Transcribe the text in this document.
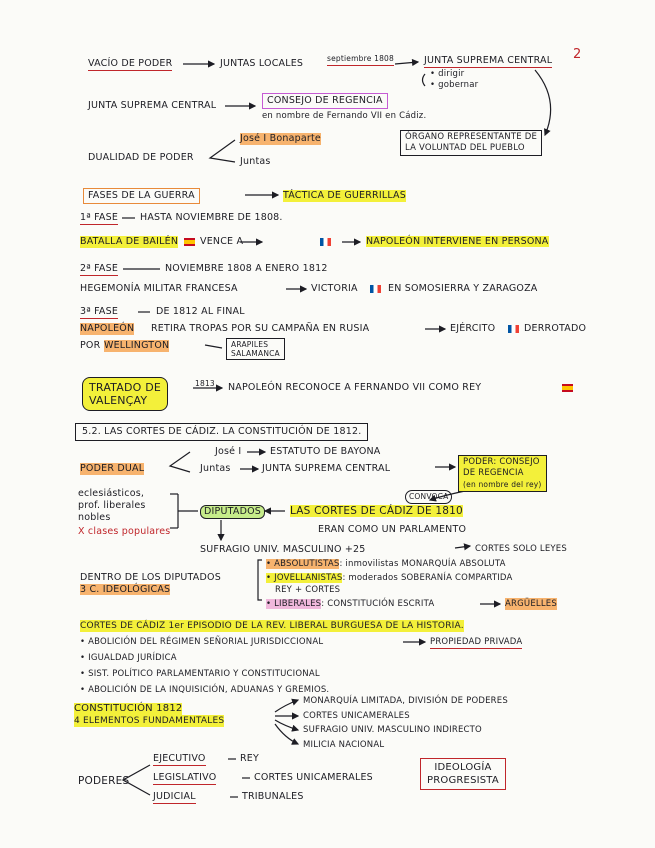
2
VACÍO DE PODER	JUNTAS LOCALES	septiembre 1808	JUNTA SUPREMA CENTRAL
• dirigir
• gobernar
JUNTA SUPREMA CENTRAL	CONSEJO DE REGENCIA
en nombre de Fernando VII en Cádiz.
ÓRGANO REPRESENTANTE DE
LA VOLUNTAD DEL PUEBLO
DUALIDAD DE PODER
José I Bonaparte
Juntas
FASES DE LA GUERRA	TÁCTICA DE GUERRILLAS
1ª FASE HASTA NOVIEMBRE DE 1808.
BATALLA DE BAILÉN VENCE A	NAPOLEÓN INTERVIENE EN PERSONA
2ª FASE	NOVIEMBRE 1808 A ENERO 1812
HEGEMONÍA MILITAR FRANCESA	VICTORIA	EN SOMOSIERRA Y ZARAGOZA
3ª FASE	DE 1812 AL FINAL
NAPOLEÓN RETIRA TROPAS POR SU CAMPAÑA EN RUSIA	EJÉRCITO	DERROTADO
POR WELLINGTON	ARAPILES
SALAMANCA
TRATADO DE
VALENÇAY
1813 NAPOLEÓN RECONOCE A FERNANDO VII COMO REY
5.2. LAS CORTES DE CÁDIZ. LA CONSTITUCIÓN DE 1812.
José I	ESTATUTO DE BAYONA
PODER DUAL	Juntas	JUNTA SUPREMA CENTRAL
PODER: CONSEJO
DE REGENCIA
(en nombre del rey)
CONVOCA
eclesiásticos,
prof. liberales
nobles
X clases populares
DIPUTADOS	LAS CORTES DE CÁDIZ DE 1810
ERAN COMO UN PARLAMENTO
SUFRAGIO UNIV. MASCULINO +25	CORTES SOLO LEYES
DENTRO DE LOS DIPUTADOS
3 C. IDEOLÓGICAS
• ABSOLUTISTAS: inmovilistas MONARQUÍA ABSOLUTA
• JOVELLANISTAS: moderados SOBERANÍA COMPARTIDA
REY + CORTES
• LIBERALES: CONSTITUCIÓN ESCRITA	ARGÜELLES
CORTES DE CÁDIZ 1er EPISODIO DE LA REV. LIBERAL BURGUESA DE LA HISTORIA.
• ABOLICIÓN DEL RÉGIMEN SEÑORIAL JURISDICCIONAL	PROPIEDAD PRIVADA
• IGUALDAD JURÍDICA
• SIST. POLÍTICO PARLAMENTARIO Y CONSTITUCIONAL
• ABOLICIÓN DE LA INQUISICIÓN, ADUANAS Y GREMIOS.
CONSTITUCIÓN 1812
4 ELEMENTOS FUNDAMENTALES
MONARQUÍA LIMITADA, DIVISIÓN DE PODERES
CORTES UNICAMERALES
SUFRAGIO UNIV. MASCULINO INDIRECTO
MILICIA NACIONAL
PODERES
EJECUTIVO	REY
LEGISLATIVO	CORTES UNICAMERALES
JUDICIAL	TRIBUNALES
IDEOLOGÍA
PROGRESISTA
